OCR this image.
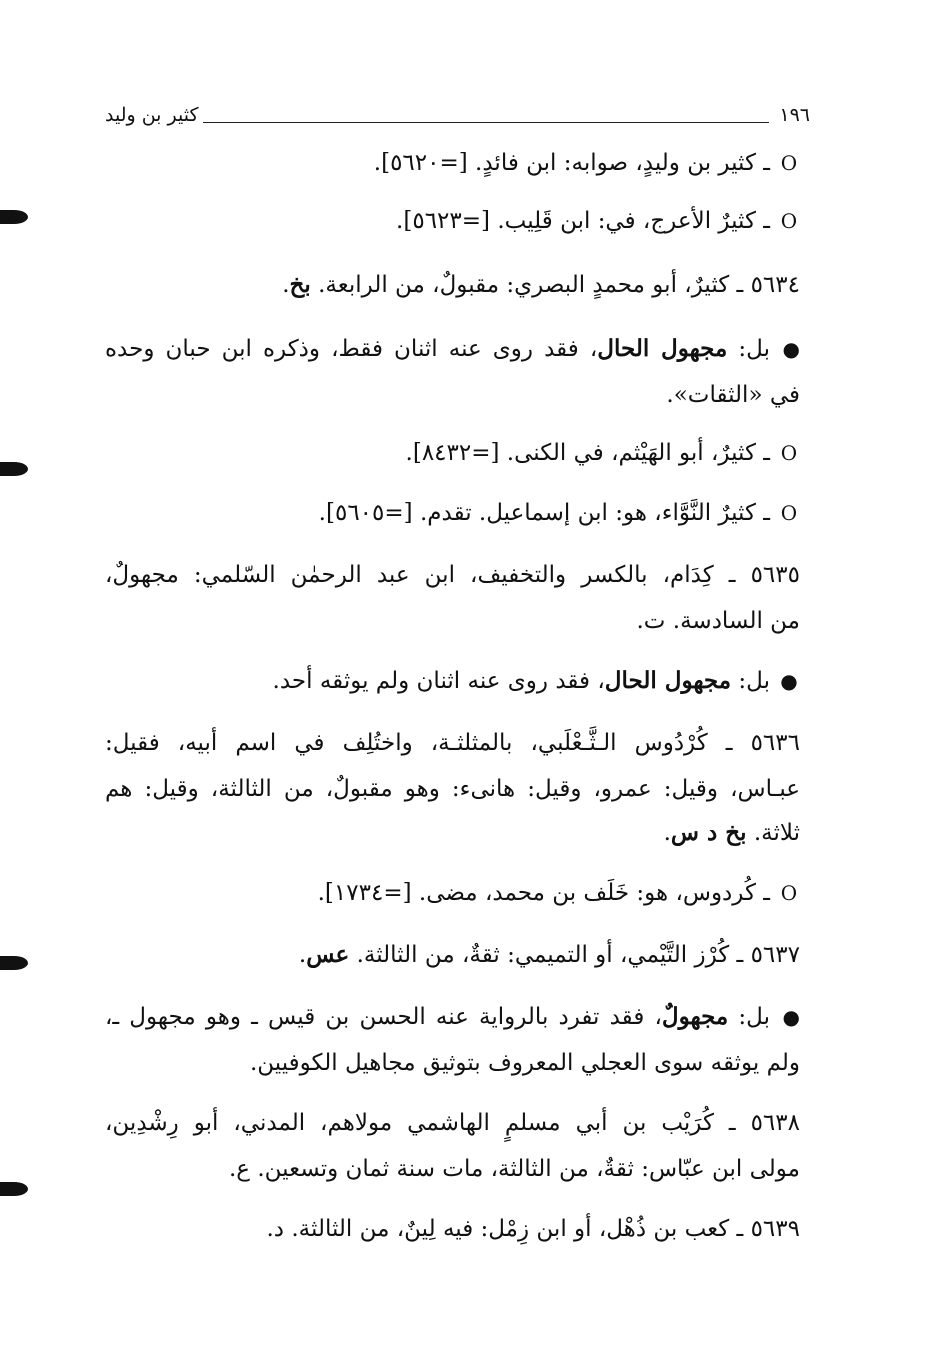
١٩٦
كثير بن وليد
Oـ كثير بن وليدٍ، صوابه: ابن فائدٍ. [=٥٦٢٠].
Oـ كثيرٌ الأعرج، في: ابن قَلِيب. [=٥٦٢٣].
٥٦٣٤ ـ كثيرٌ، أبو محمدٍ البصري: مقبولٌ، من الرابعة. بخ.
●بل: مجهول الحال، فقد روى عنه اثنان فقط، وذكره ابن حبان وحده
في «الثقات».
Oـ كثيرٌ، أبو الهَيْثم، في الكنى. [=٨٤٣٢].
Oـ كثيرٌ النَّوَّاء، هو: ابن إسماعيل. تقدم. [=٥٦٠٥].
٥٦٣٥ ـ كِدَام، بالكسر والتخفيف، ابن عبد الرحمٰن السّلمي: مجهولٌ،
من السادسة. ت.
●بل: مجهول الحال، فقد روى عنه اثنان ولم يوثقه أحد.
٥٦٣٦ ـ كُرْدُوس الـثَّـعْلَبي، بالمثلثـة، واختُلِف في اسم أبيه، فقيل:
عبـاس، وقيل: عمرو، وقيل: هانىء: وهو مقبولٌ، من الثالثة، وقيل: هم
ثلاثة. بخ د س.
Oـ كُردوس، هو: خَلَف بن محمد، مضى. [=١٧٣٤].
٥٦٣٧ ـ كُرْز التَّيْمي، أو التميمي: ثقةٌ، من الثالثة. عس.
●بل: مجهولٌ، فقد تفرد بالرواية عنه الحسن بن قيس ـ وهو مجهول ـ،
ولم يوثقه سوى العجلي المعروف بتوثيق مجاهيل الكوفيين.
٥٦٣٨ ـ كُرَيْب بن أبي مسلمٍ الهاشمي مولاهم، المدني، أبو رِشْدِين،
مولى ابن عبّاس: ثقةٌ، من الثالثة، مات سنة ثمان وتسعين. ع.
٥٦٣٩ ـ كعب بن ذُهْل، أو ابن زِمْل: فيه لِينٌ، من الثالثة. د.
